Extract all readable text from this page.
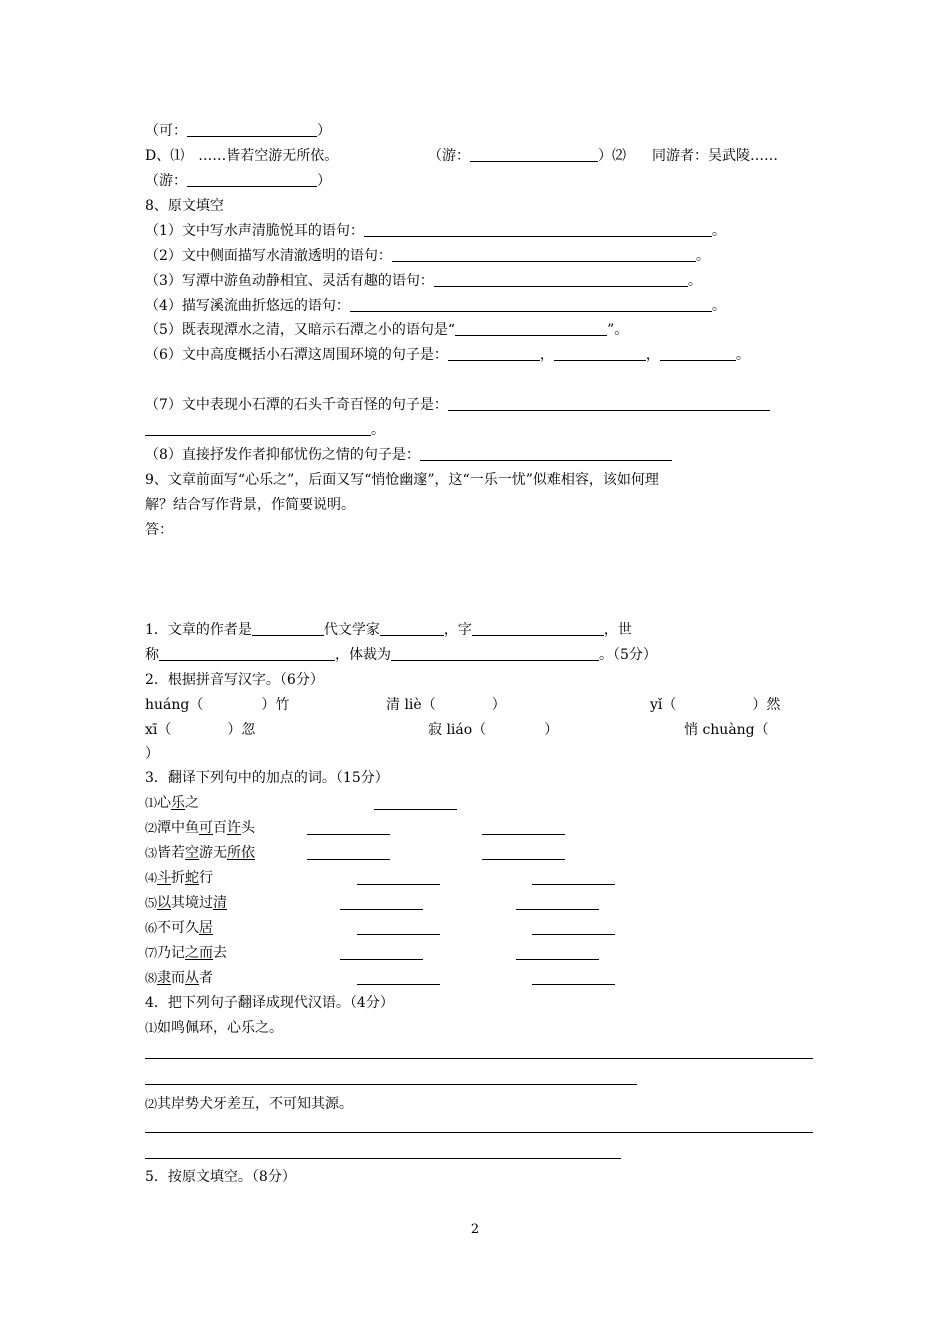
（可：	）
D、⑴　……皆若空游无所依。	（游：	）⑵ 同游者：吴武陵……
（游：	）
8、原文填空
（1）文中写水声清脆悦耳的语句：	。
（2）文中侧面描写水清澈透明的语句：	。
（3）写潭中游鱼动静相宜、灵活有趣的语句：	。
（4）描写溪流曲折悠远的语句：	。
（5）既表现潭水之清，又暗示石潭之小的语句是“	”。
（6）文中高度概括小石潭这周围环境的句子是：	，	，	。
（7）文中表现小石潭的石头千奇百怪的句子是：
。
（8）直接抒发作者抑郁忧伤之情的句子是：
9、文章前面写“心乐之”，后面又写“悄怆幽邃”，这“一乐一忧”似难相容，该如何理
解？结合写作背景，作简要说明。
答：
1．文章的作者是	代文学家	，字	，世
称	，体裁为	。（5分）
2．根据拼音写汉字。（6分）
huáng（	）竹	清 liè（	）	yǐ（	）然
xī（	）忽	寂 liáo（	）	悄 chuàng（
）
3．翻译下列句中的加点的词。（15分）
⑴心乐之
⑵潭中鱼可百许头
⑶皆若空游无所依
⑷斗折蛇行
⑸以其境过清
⑹不可久居
⑺乃记之而去
⑻隶而从者
4．把下列句子翻译成现代汉语。（4分）
⑴如鸣佩环，心乐之。
⑵其岸势犬牙差互，不可知其源。
5．按原文填空。（8分）
2
